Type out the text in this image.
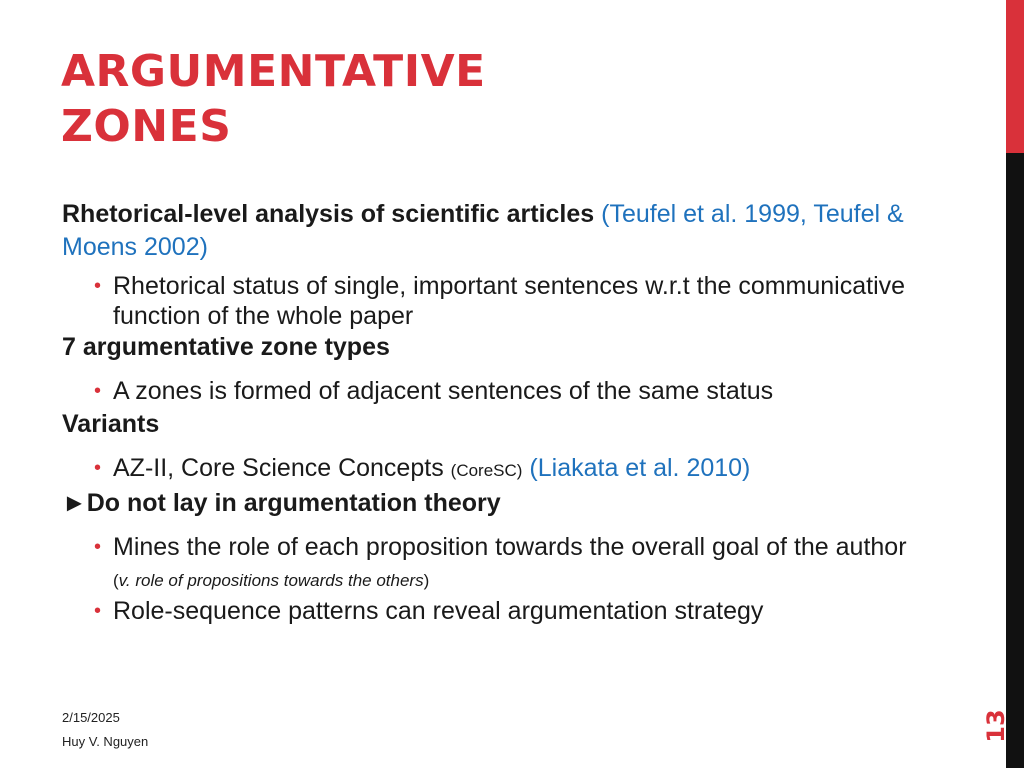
ARGUMENTATIVE
ZONES

Rhetorical-level analysis of scientific articles (Teufel et al. 1999, Teufel & Moens 2002)

• Rhetorical status of single, important sentences w.r.t the communicative function of the whole paper

7 argumentative zone types

• A zones is formed of adjacent sentences of the same status

Variants

• AZ-II, Core Science Concepts (CoreSC) (Liakata et al. 2010)

►Do not lay in argumentation theory

• Mines the role of each proposition towards the overall goal of the author (v. role of propositions towards the others)
• Role-sequence patterns can reveal argumentation strategy
2/15/2025
Huy V. Nguyen	13
